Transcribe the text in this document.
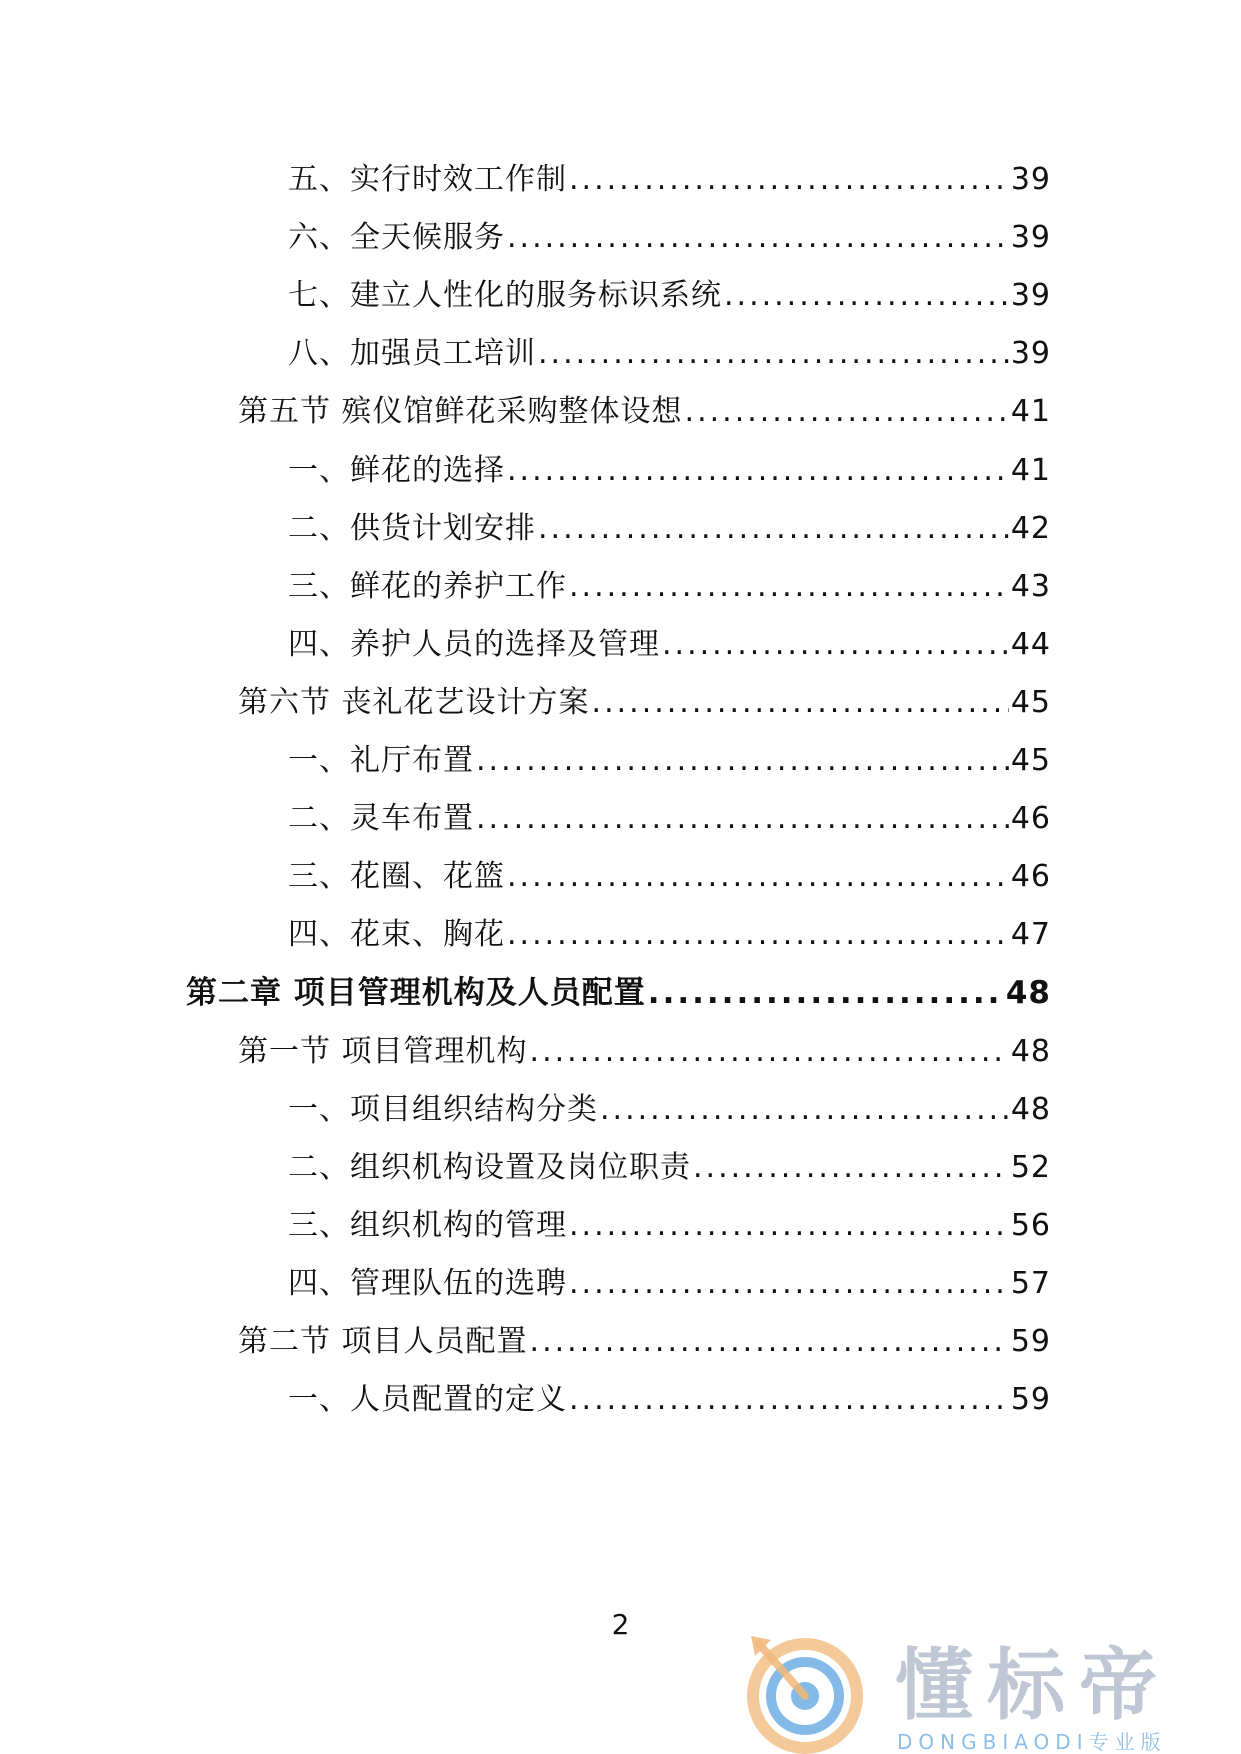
五、实行时效工作制 .....	39
六、全天候服务 .....	39
七、建立人性化的服务标识系统 .....	39
八、加强员工培训 .....	39
第五节 殡仪馆鲜花采购整体设想 .....	41
一、鲜花的选择 .....	41
二、供货计划安排 .....	42
三、鲜花的养护工作 .....	43
四、养护人员的选择及管理 .....	44
第六节 丧礼花艺设计方案 .....	45
一、礼厅布置 .....	45
二、灵车布置 .....	46
三、花圈、花篮 .....	46
四、花束、胸花 .....	47
第二章 项目管理机构及人员配置 .....	48
第一节 项目管理机构 .....	48
一、项目组织结构分类 .....	48
二、组织机构设置及岗位职责 .....	52
三、组织机构的管理 .....	56
四、管理队伍的选聘 .....	57
第二节 项目人员配置 .....	59
一、人员配置的定义 .....	59
2
懂标帝
DONGBIAODI专业版
